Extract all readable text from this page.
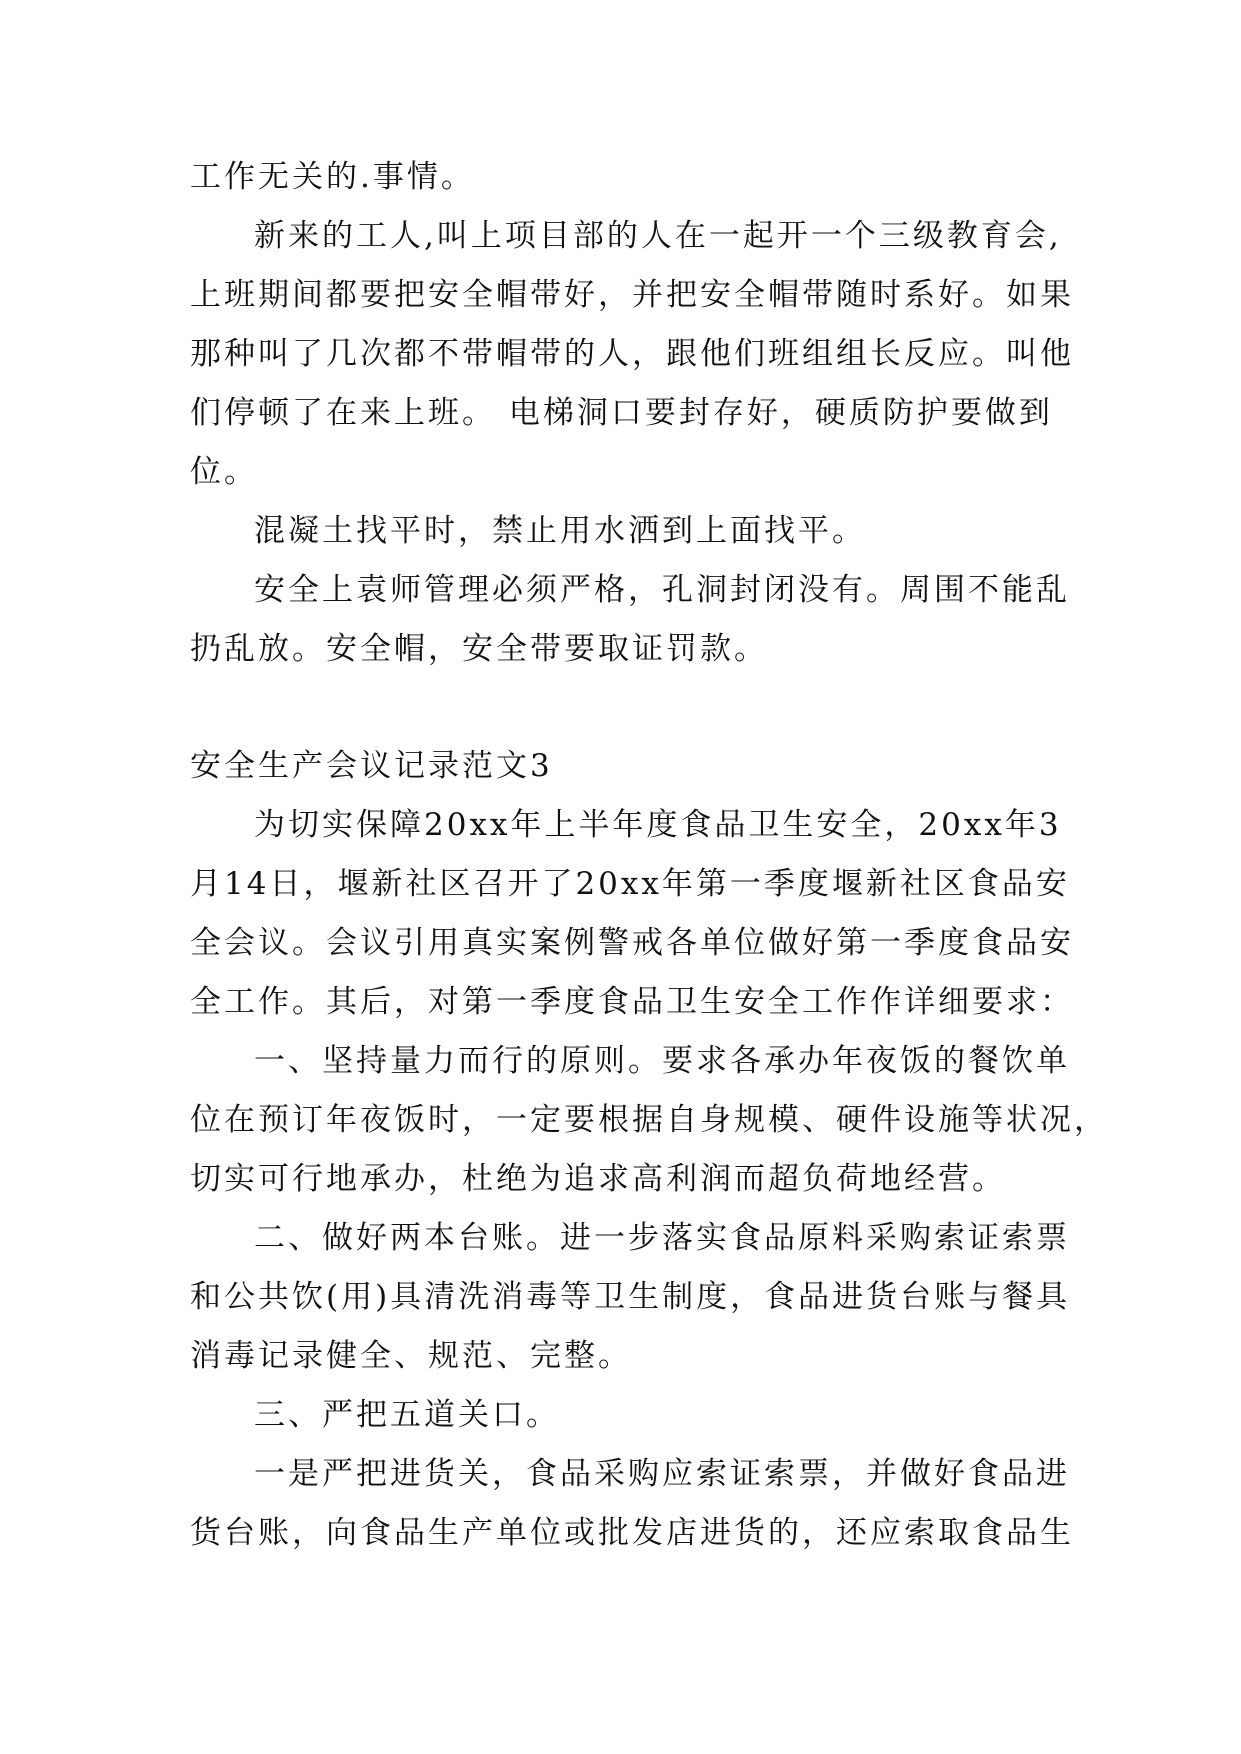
工作无关的.事情。
新来的工人,叫上项目部的人在一起开一个三级教育会,
上班期间都要把安全帽带好，并把安全帽带随时系好。如果
那种叫了几次都不带帽带的人，跟他们班组组长反应。叫他
们停顿了在来上班。 电梯洞口要封存好，硬质防护要做到
位。
混凝土找平时，禁止用水洒到上面找平。
安全上袁师管理必须严格，孔洞封闭没有。周围不能乱
扔乱放。安全帽，安全带要取证罚款。
安全生产会议记录范文3
为切实保障20xx年上半年度食品卫生安全，20xx年3
月14日，堰新社区召开了20xx年第一季度堰新社区食品安
全会议。会议引用真实案例警戒各单位做好第一季度食品安
全工作。其后，对第一季度食品卫生安全工作作详细要求：
一、坚持量力而行的原则。要求各承办年夜饭的餐饮单
位在预订年夜饭时，一定要根据自身规模、硬件设施等状况，
切实可行地承办，杜绝为追求高利润而超负荷地经营。
二、做好两本台账。进一步落实食品原料采购索证索票
和公共饮(用)具清洗消毒等卫生制度，食品进货台账与餐具
消毒记录健全、规范、完整。
三、严把五道关口。
一是严把进货关，食品采购应索证索票，并做好食品进
货台账，向食品生产单位或批发店进货的，还应索取食品生
